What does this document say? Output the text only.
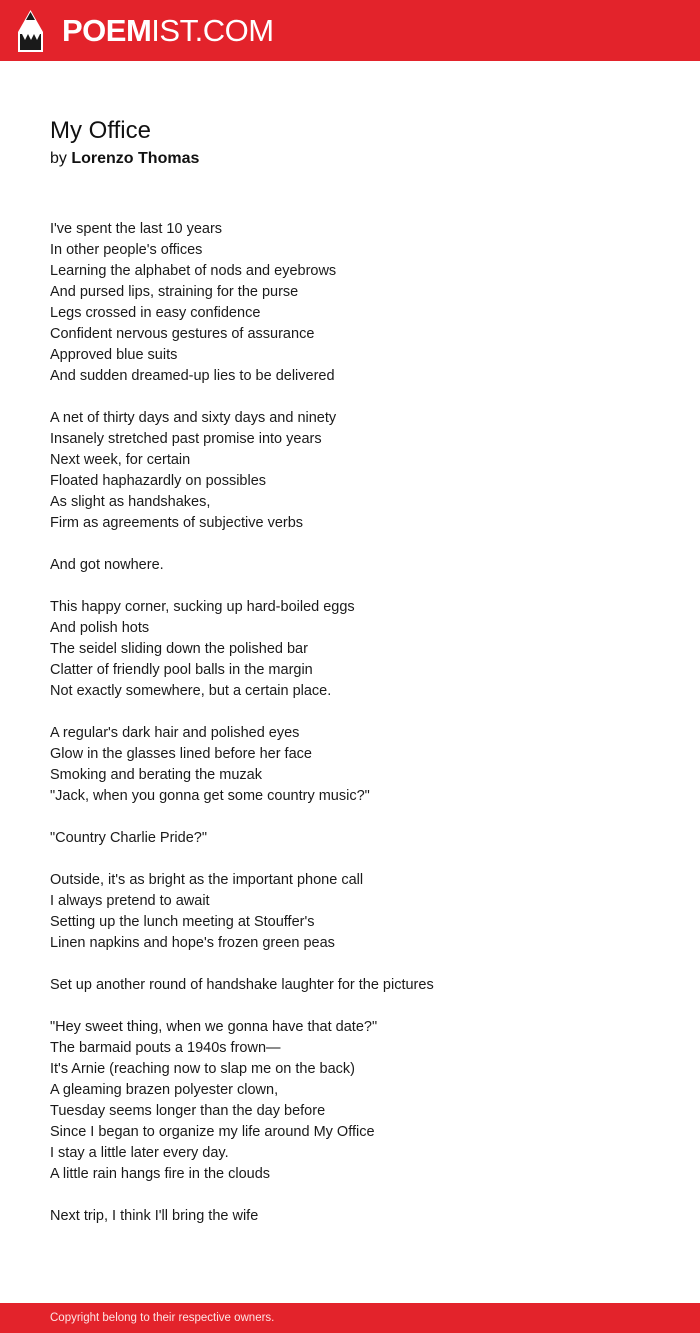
POEMIST.COM
My Office
by Lorenzo Thomas
I've spent the last 10 years
In other people's offices
Learning the alphabet of nods and eyebrows
And pursed lips, straining for the purse
Legs crossed in easy confidence
Confident nervous gestures of assurance
Approved blue suits
And sudden dreamed-up lies to be delivered
A net of thirty days and sixty days and ninety
Insanely stretched past promise into years
Next week, for certain
Floated haphazardly on possibles
As slight as handshakes,
Firm as agreements of subjective verbs
And got nowhere.
This happy corner, sucking up hard-boiled eggs
And polish hots
The seidel sliding down the polished bar
Clatter of friendly pool balls in the margin
Not exactly somewhere, but a certain place.
A regular's dark hair and polished eyes
Glow in the glasses lined before her face
Smoking and berating the muzak
"Jack, when you gonna get some country music?"
"Country Charlie Pride?"
Outside, it's as bright as the important phone call
I always pretend to await
Setting up the lunch meeting at Stouffer's
Linen napkins and hope's frozen green peas
Set up another round of handshake laughter for the pictures
"Hey sweet thing, when we gonna have that date?"
The barmaid pouts a 1940s frown—
It's Arnie (reaching now to slap me on the back)
A gleaming brazen polyester clown,
Tuesday seems longer than the day before
Since I began to organize my life around My Office
I stay a little later every day.
A little rain hangs fire in the clouds
Next trip, I think I'll bring the wife
Copyright belong to their respective owners.
